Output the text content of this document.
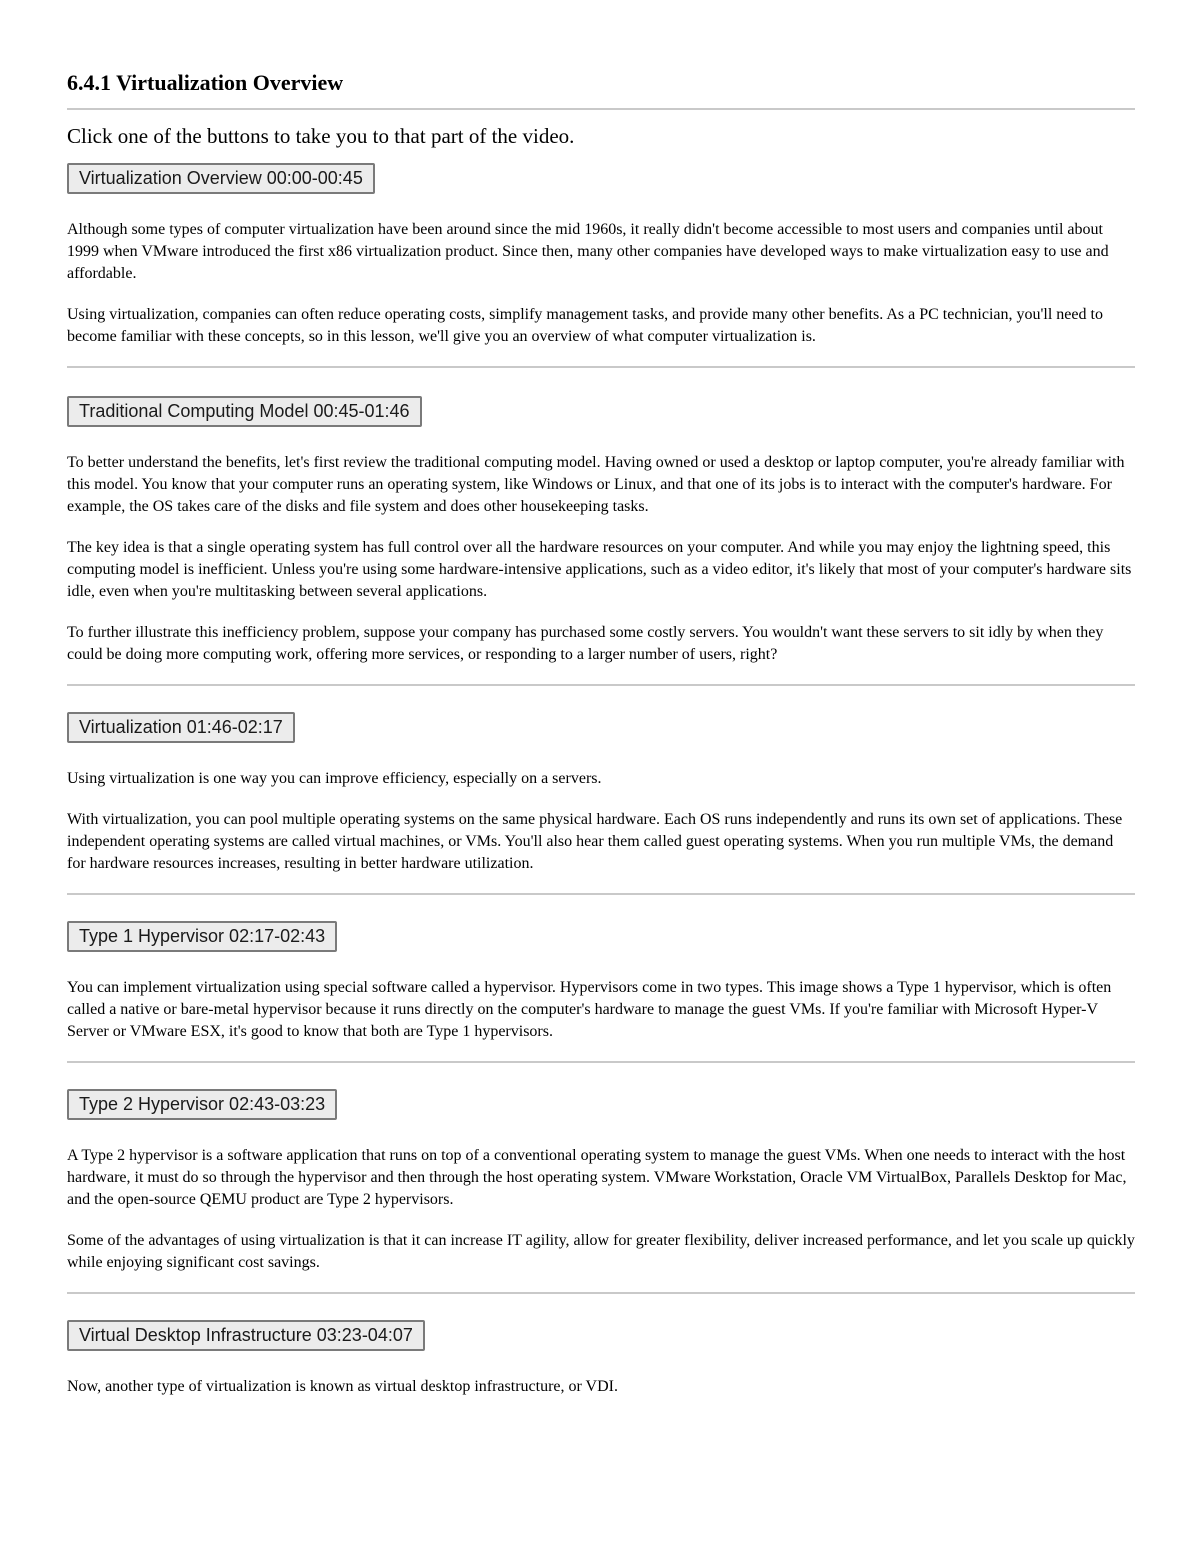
6.4.1 Virtualization Overview

Click one of the buttons to take you to that part of the video.

Virtualization Overview 00:00-00:45

Although some types of computer virtualization have been around since the mid 1960s, it really didn't become accessible to most users and companies until about 1999 when VMware introduced the first x86 virtualization product. Since then, many other companies have developed ways to make virtualization easy to use and affordable.

Using virtualization, companies can often reduce operating costs, simplify management tasks, and provide many other benefits. As a PC technician, you'll need to become familiar with these concepts, so in this lesson, we'll give you an overview of what computer virtualization is.

Traditional Computing Model 00:45-01:46

To better understand the benefits, let's first review the traditional computing model. Having owned or used a desktop or laptop computer, you're already familiar with this model. You know that your computer runs an operating system, like Windows or Linux, and that one of its jobs is to interact with the computer's hardware. For example, the OS takes care of the disks and file system and does other housekeeping tasks.

The key idea is that a single operating system has full control over all the hardware resources on your computer. And while you may enjoy the lightning speed, this computing model is inefficient. Unless you're using some hardware-intensive applications, such as a video editor, it's likely that most of your computer's hardware sits idle, even when you're multitasking between several applications.

To further illustrate this inefficiency problem, suppose your company has purchased some costly servers. You wouldn't want these servers to sit idly by when they could be doing more computing work, offering more services, or responding to a larger number of users, right?

Virtualization 01:46-02:17

Using virtualization is one way you can improve efficiency, especially on a servers.

With virtualization, you can pool multiple operating systems on the same physical hardware. Each OS runs independently and runs its own set of applications. These independent operating systems are called virtual machines, or VMs. You'll also hear them called guest operating systems. When you run multiple VMs, the demand for hardware resources increases, resulting in better hardware utilization.

Type 1 Hypervisor 02:17-02:43

You can implement virtualization using special software called a hypervisor. Hypervisors come in two types. This image shows a Type 1 hypervisor, which is often called a native or bare-metal hypervisor because it runs directly on the computer's hardware to manage the guest VMs. If you're familiar with Microsoft Hyper-V Server or VMware ESX, it's good to know that both are Type 1 hypervisors.

Type 2 Hypervisor 02:43-03:23

A Type 2 hypervisor is a software application that runs on top of a conventional operating system to manage the guest VMs. When one needs to interact with the host hardware, it must do so through the hypervisor and then through the host operating system. VMware Workstation, Oracle VM VirtualBox, Parallels Desktop for Mac, and the open-source QEMU product are Type 2 hypervisors.

Some of the advantages of using virtualization is that it can increase IT agility, allow for greater flexibility, deliver increased performance, and let you scale up quickly while enjoying significant cost savings.

Virtual Desktop Infrastructure 03:23-04:07

Now, another type of virtualization is known as virtual desktop infrastructure, or VDI.
